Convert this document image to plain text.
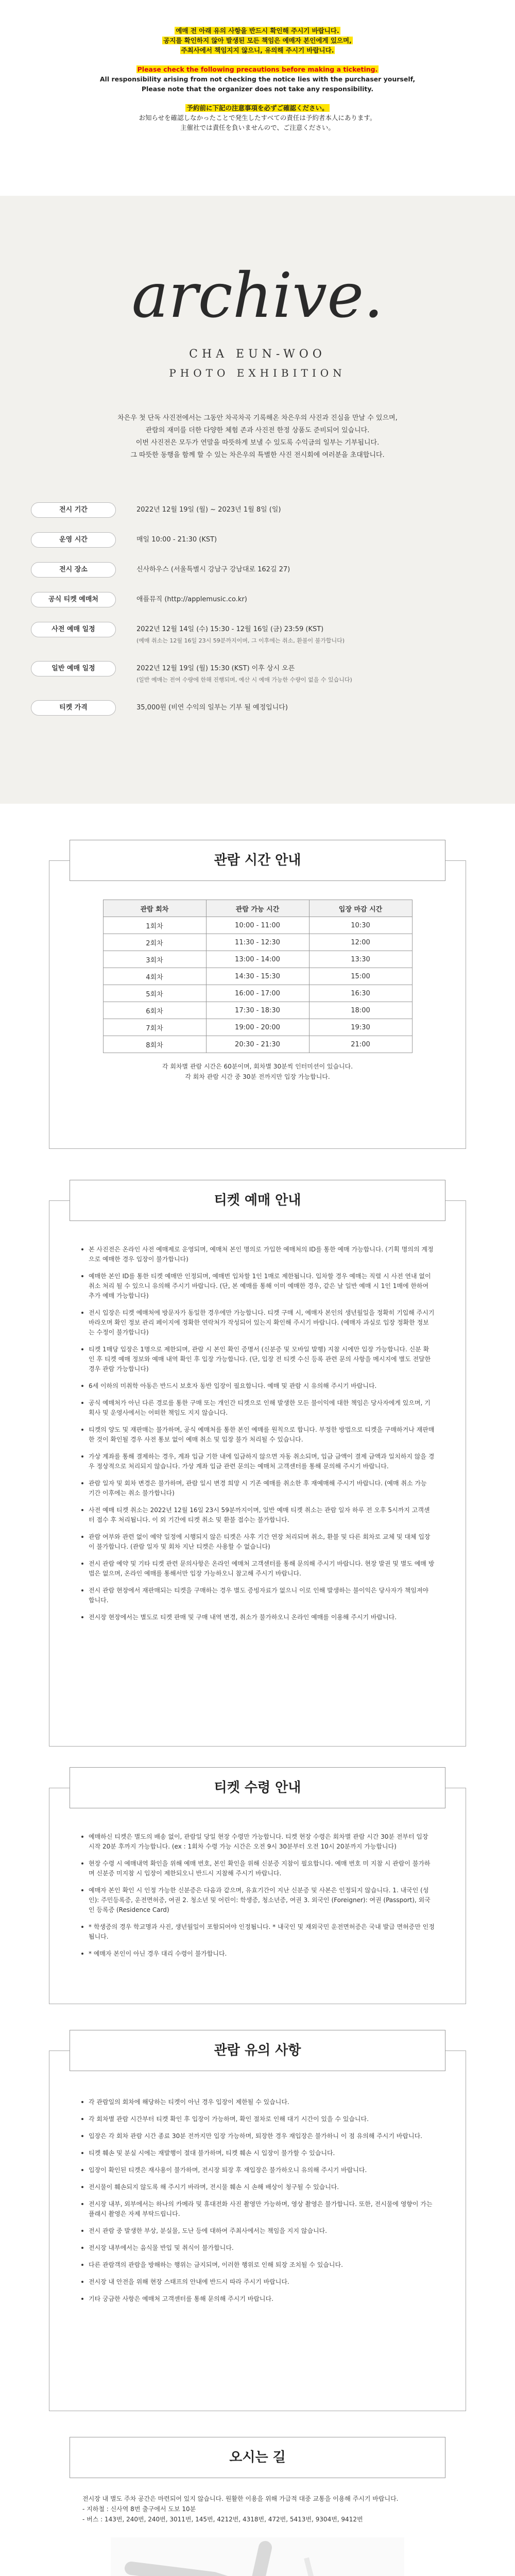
예매 전 아래 유의 사항을 반드시 확인해 주시기 바랍니다.
공지를 확인하지 않아 발생된 모든 책임은 예매자 본인에게 있으며,
주최사에서 책임지지 않으니, 유의해 주시기 바랍니다.
Please check the following precautions before making a ticketing.
All responsibility arising from not checking the notice lies with the purchaser yourself,
Please note that the organizer does not take any responsibility.
予約前に下記の注意事項を必ずご確認ください。
お知らせを確認しなかったことで発生したすべての責任は予約者本人にあります。
主催社では責任を負いませんので、ご注意ください。
archive.
CHA EUN-WOO
PHOTO EXHIBITION
차은우 첫 단독 사진전에서는 그동안 차곡차곡 기록해온 차은우의 사진과 진심을 만날 수 있으며,
관람의 재미를 더한 다양한 체험 존과 사진전 한정 상품도 준비되어 있습니다.
이번 사진전은 모두가 연말을 따뜻하게 보낼 수 있도록 수익금의 일부는 기부됩니다.
그 따뜻한 동행을 함께 할 수 있는 차은우의 특별한 사진 전시회에 여러분을 초대합니다.
전시 기간	2022년 12월 19일 (월) ~ 2023년 1월 8일 (일)
운영 시간	매일 10:00 - 21:30 (KST)
전시 장소	신사하우스 (서울특별시 강남구 강남대로 162길 27)
공식 티켓 예매처	애플뮤직 (http://applemusic.co.kr)
사전 예매 일정	2022년 12월 14일 (수) 15:30 - 12월 16일 (금) 23:59 (KST)
(예매 취소는 12월 16일 23시 59분까지이며, 그 이후에는 취소, 환불이 불가합니다)
일반 예매 일정	2022년 12월 19일 (월) 15:30 (KST) 이후 상시 오픈
(일반 예매는 전여 수량에 한해 진행되며, 예산 시 예매 가능한 수량이 없을 수 있습니다)
티켓 가격	35,000원 (비연 수익의 일부는 기부 될 예정입니다)
관람 시간 안내
관람 회차	관람 가능 시간	입장 마감 시간
1회차	10:00 - 11:00	10:30
2회차	11:30 - 12:30	12:00
3회차	13:00 - 14:00	13:30
4회차	14:30 - 15:30	15:00
5회차	16:00 - 17:00	16:30
6회차	17:30 - 18:30	18:00
7회차	19:00 - 20:00	19:30
8회차	20:30 - 21:30	21:00
각 회차별 관람 시간은 60분이며, 회차별 30분씩 인터미션이 있습니다.
각 회차 관람 시간 중 30분 전까지만 입장 가능합니다.
티켓 예매 안내
본 사진전은 온라인 사전 예매제로 운영되며, 예매처 본인 명의로 가입한 예매처의 ID를 통한 예매 가능합니다. (기획 명의의 계정으로 예매한 경우 입장이 불가합니다)
예매한 본인 ID를 통한 티켓 예매만 인정되며, 예매번 입차할 1인 1매로 제한됩니다. 입차할 경우 예매는 직렬 시 사전 연내 없이 취소 처리 될 수 있으니 유의해 주시기 바랍니다. (단, 본 예매를 통해 이미 예매한 경우, 같은 날 일반 예매 시 1인 1매에 한하여 추가 예매 가능합니다)
전시 입장은 티켓 예매처에 방문자가 동일한 경우에만 가능합니다. 티켓 구매 시, 예매자 본인의 생년월일을 정확히 기입해 주시기 바라오며 확인 정보 관리 페이지에 정확한 연락처가 작성되어 있는지 확인해 주시기 바랍니다. (예매자 과실로 입장 정확한 정보는 수정이 불가합니다)
티켓 1매당 입장은 1명으로 제한되며, 관람 시 본인 확인 증명서 (신분증 및 모바일 발행) 지참 시에만 입장 가능합니다. 신분 확인 후 티켓 예매 정보와 예매 내역 확인 후 입장 가능합니다. (단, 입장 전 티켓 수신 등록 관련 문의 사항을 메시지에 별도 전달한 경우 관람 가능합니다)
6세 이하의 미취학 아동은 반드시 보호자 동반 입장이 필요합니다. 예매 및 관람 시 유의해 주시기 바랍니다.
공식 예매처가 아닌 다른 경로를 통한 구매 또는 개인간 티켓으로 인해 발생한 모든 불이익에 대한 책임은 당사자에게 있으며, 기획사 및 운영사에서는 어떠한 책임도 지지 않습니다.
티켓의 양도 및 재판매는 불가하며, 공식 예매처를 통한 본인 예매를 원칙으로 합니다. 부정한 방법으로 티켓을 구매하거나 재판매한 것이 확인될 경우 사전 통보 없이 예매 취소 및 입장 불가 처리될 수 있습니다.
가상 계좌를 통해 결제하는 경우, 계좌 입금 기한 내에 입금하지 않으면 자동 취소되며, 입금 금액이 결제 금액과 일치하지 않을 경우 정상적으로 처리되지 않습니다. 가상 계좌 입금 관련 문의는 예매처 고객센터를 통해 문의해 주시기 바랍니다.
관람 일자 및 회차 변경은 불가하며, 관람 일시 변경 희망 시 기존 예매를 취소한 후 재예매해 주시기 바랍니다. (예매 취소 가능 기간 이후에는 취소 불가합니다)
사전 예매 티켓 취소는 2022년 12월 16일 23시 59분까지이며, 일반 예매 티켓 취소는 관람 일자 하루 전 오후 5시까지 고객센터 접수 후 처리됩니다. 이 외 기간에 티켓 취소 및 환불 접수는 불가합니다.
관람 여부와 관련 없이 예약 일정에 시행되지 않은 티켓은 사후 기간 연장 처리되며 취소, 환불 및 다른 회차로 교체 및 대체 입장이 불가합니다. (관람 일자 및 회차 지난 티켓은 사용할 수 없습니다)
전시 관람 예약 및 기타 티켓 관련 문의사항은 온라인 예매처 고객센터를 통해 문의해 주시기 바랍니다. 현장 발권 및 별도 예매 방법은 없으며, 온라인 예매를 통해서만 입장 가능하오니 참고해 주시기 바랍니다.
전시 관람 현장에서 재판매되는 티켓을 구매하는 경우 별도 증빙자료가 없으니 이로 인해 발생하는 불이익은 당사자가 책임져야 합니다.
전시장 현장에서는 별도로 티켓 판매 및 구매 내역 변경, 취소가 불가하오니 온라인 예매를 이용해 주시기 바랍니다.
티켓 수령 안내
예매하신 티켓은 별도의 배송 없이, 관람일 당일 현장 수령만 가능합니다. 티켓 현장 수령은 회차별 관람 시간 30분 전부터 입장 시작 20분 후까지 가능합니다. (ex : 1회차 수령 가능 시간은 오전 9시 30분부터 오전 10시 20분까지 가능합니다)
현장 수령 시 예매내역 확인을 위해 예매 번호, 본인 확인을 위해 신분증 지참이 필요합니다. 예매 번호 미 지참 시 관람이 불가하며 신분증 미지참 시 입장이 제한되오니 반드시 지참해 주시기 바랍니다.
예매자 본인 확인 시 인정 가능한 신분증은 다음과 같으며, 유효기간이 지난 신분증 및 사본은 인정되지 않습니다. 1. 내국인 (성인): 주민등록증, 운전면허증, 여권 2. 청소년 및 어린이: 학생증, 청소년증, 여권 3. 외국인 (Foreigner): 여권 (Passport), 외국인 등록증 (Residence Card)
* 학생증의 경우 학교명과 사진, 생년월일이 포함되어야 인정됩니다. * 내국인 및 재외국민 운전면허증은 국내 발급 면허증만 인정됩니다.
* 예매자 본인이 아닌 경우 대리 수령이 불가합니다.
관람 유의 사항
각 관람일의 회차에 해당하는 티켓이 아닌 경우 입장이 제한될 수 있습니다.
각 회차별 관람 시간부터 티켓 확인 후 입장이 가능하며, 확인 절차로 인해 대기 시간이 있을 수 있습니다.
입장은 각 회차 관람 시간 종료 30분 전까지만 입장 가능하며, 퇴장한 경우 재입장은 불가하니 이 점 유의해 주시기 바랍니다.
티켓 훼손 및 분실 시에는 재발행이 절대 불가하며, 티켓 훼손 시 입장이 불가할 수 있습니다.
입장이 확인된 티켓은 재사용이 불가하며, 전시장 퇴장 후 재입장은 불가하오니 유의해 주시기 바랍니다.
전시물이 훼손되지 않도록 해 주시기 바라며, 전시물 훼손 시 손해 배상이 청구될 수 있습니다.
전시장 내부, 외부에서는 하나의 카메라 및 휴대전화 사진 촬영만 가능하며, 영상 촬영은 불가합니다. 또한, 전시물에 영향이 가는 플래시 촬영은 자제 부탁드립니다.
전시 관람 중 발생한 부상, 분실물, 도난 등에 대하여 주최사에서는 책임을 지지 않습니다.
전시장 내부에서는 음식물 반입 및 취식이 불가합니다.
다른 관람객의 관람을 방해하는 행위는 금지되며, 이러한 행위로 인해 퇴장 조치될 수 있습니다.
전시장 내 안전을 위해 현장 스태프의 안내에 반드시 따라 주시기 바랍니다.
기타 궁금한 사항은 예매처 고객센터를 통해 문의해 주시기 바랍니다.
오시는 길
전시장 내 별도 주차 공간은 마련되어 있지 않습니다. 원활한 이용을 위해 가급적 대중 교통을 이용해 주시기 바랍니다.
- 지하철 : 신사역 8번 출구에서 도보 10분
- 버스 : 143번, 240번, 240번, 3011번, 145번, 4212번, 4318번, 472번, 5413번, 9304번, 9412번
